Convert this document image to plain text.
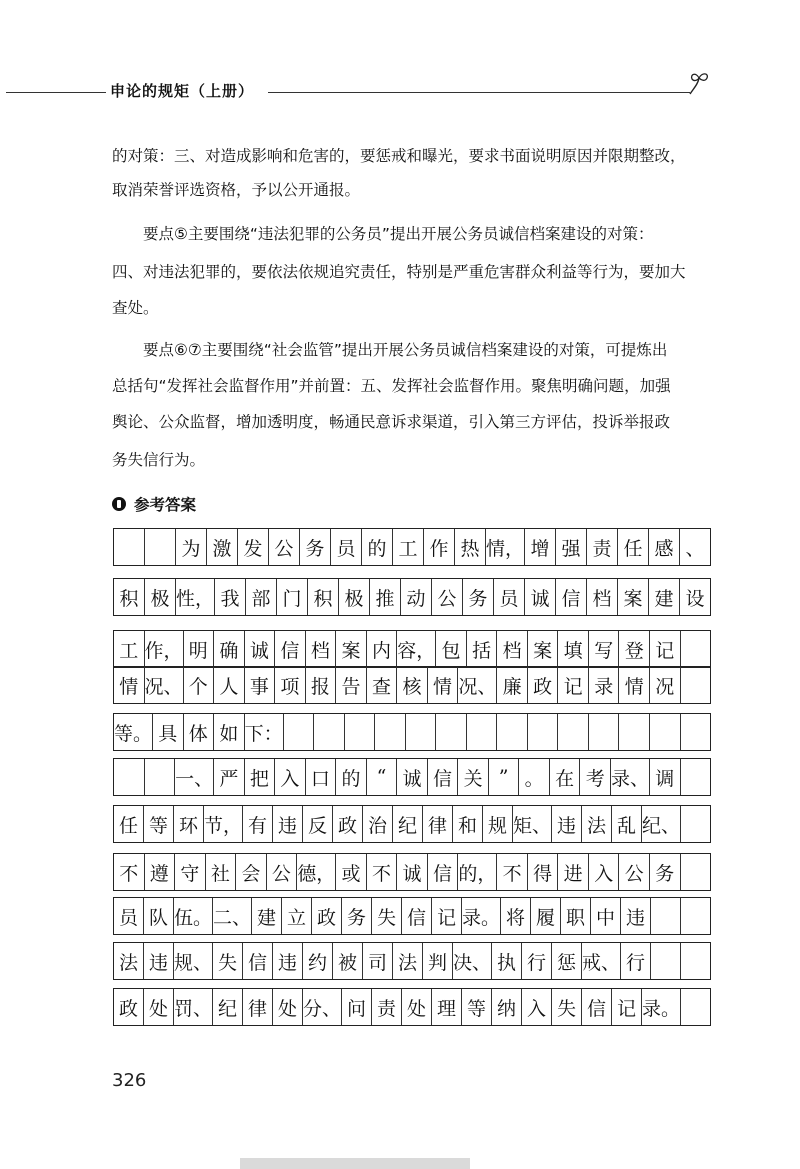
申论的规矩（上册）
的对策：三、对造成影响和危害的，要惩戒和曝光，要求书面说明原因并限期整改，
取消荣誉评选资格，予以公开通报。
要点⑤主要围绕“违法犯罪的公务员”提出开展公务员诚信档案建设的对策：
四、对违法犯罪的，要依法依规追究责任，特别是严重危害群众利益等行为，要加大
查处。
要点⑥⑦主要围绕“社会监管”提出开展公务员诚信档案建设的对策，可提炼出
总括句“发挥社会监督作用”并前置：五、发挥社会监督作用。聚焦明确问题，加强
舆论、公众监督，增加透明度，畅通民意诉求渠道，引入第三方评估，投诉举报政
务失信行为。
参考答案
为 激 发 公 务 员 的 工 作 热 情， 增 强 责 任 感 、
积 极 性， 我 部 门 积 极 推 动 公 务 员 诚 信 档 案 建 设
工 作， 明 确 诚 信 档 案 内 容， 包 括 档 案 填 写 登 记
情 况、 个 人 事 项 报 告 查 核 情 况、 廉 政 记 录 情 况
等。 具 体 如 下：
一、 严 把 入 口 的 “ 诚 信 关 ” 。 在 考 录、 调
任 等 环 节， 有 违 反 政 治 纪 律 和 规 矩、 违 法 乱 纪、
不 遵 守 社 会 公 德， 或 不 诚 信 的， 不 得 进 入 公 务
员 队 伍。 二、 建 立 政 务 失 信 记 录。 将 履 职 中 违
法 违 规、 失 信 违 约 被 司 法 判 决、 执 行 惩 戒、 行
政 处 罚、 纪 律 处 分、 问 责 处 理 等 纳 入 失 信 记 录。
326
